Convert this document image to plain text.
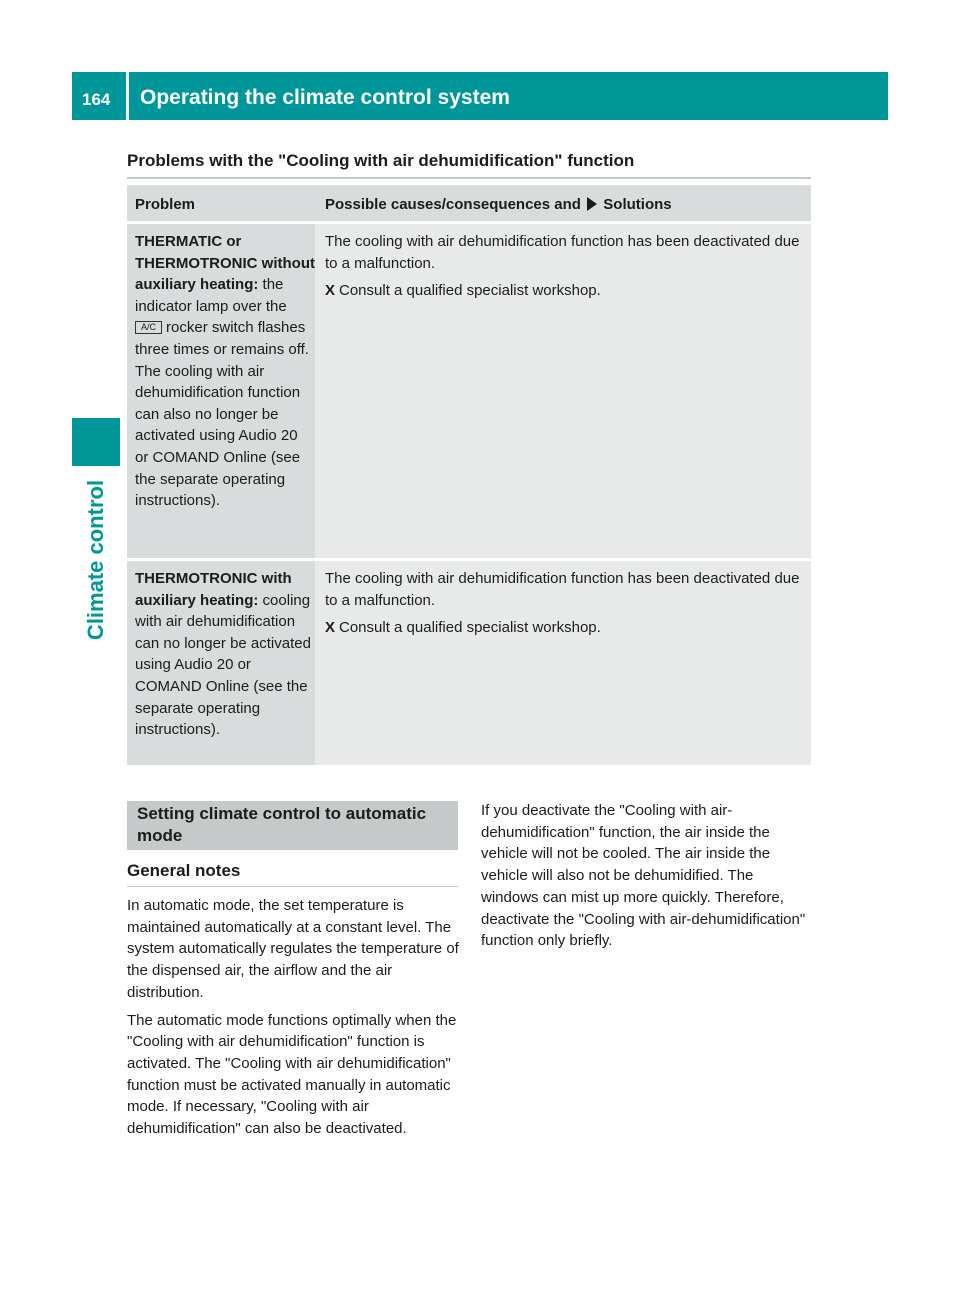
164 Operating the climate control system
Climate control
Problems with the "Cooling with air dehumidification" function
Problem	Possible causes/consequences and Solutions
THERMATIC or THERMOTRONIC without auxiliary heating: the indicator lamp over the A/C rocker switch flashes three times or remains off. The cooling with air dehumidification function can also no longer be activated using Audio 20 or COMAND Online (see the separate operating instructions).

The cooling with air dehumidification function has been deactivated due to a malfunction.

X Consult a qualified specialist workshop.

THERMOTRONIC with auxiliary heating: cooling with air dehumidification can no longer be activated using Audio 20 or COMAND Online (see the separate operating instructions).

The cooling with air dehumidification function has been deactivated due to a malfunction.

X Consult a qualified specialist workshop.

Setting climate control to automatic mode
General notes

In automatic mode, the set temperature is maintained automatically at a constant level. The system automatically regulates the temperature of the dispensed air, the airflow and the air distribution.

The automatic mode functions optimally when the "Cooling with air dehumidification" function is activated. The "Cooling with air dehumidification" function must be activated manually in automatic mode. If necessary, "Cooling with air dehumidification" can also be deactivated.

If you deactivate the "Cooling with air-dehumidification" function, the air inside the vehicle will not be cooled. The air inside the vehicle will also not be dehumidified. The windows can mist up more quickly. Therefore, deactivate the "Cooling with air-dehumidification" function only briefly.
